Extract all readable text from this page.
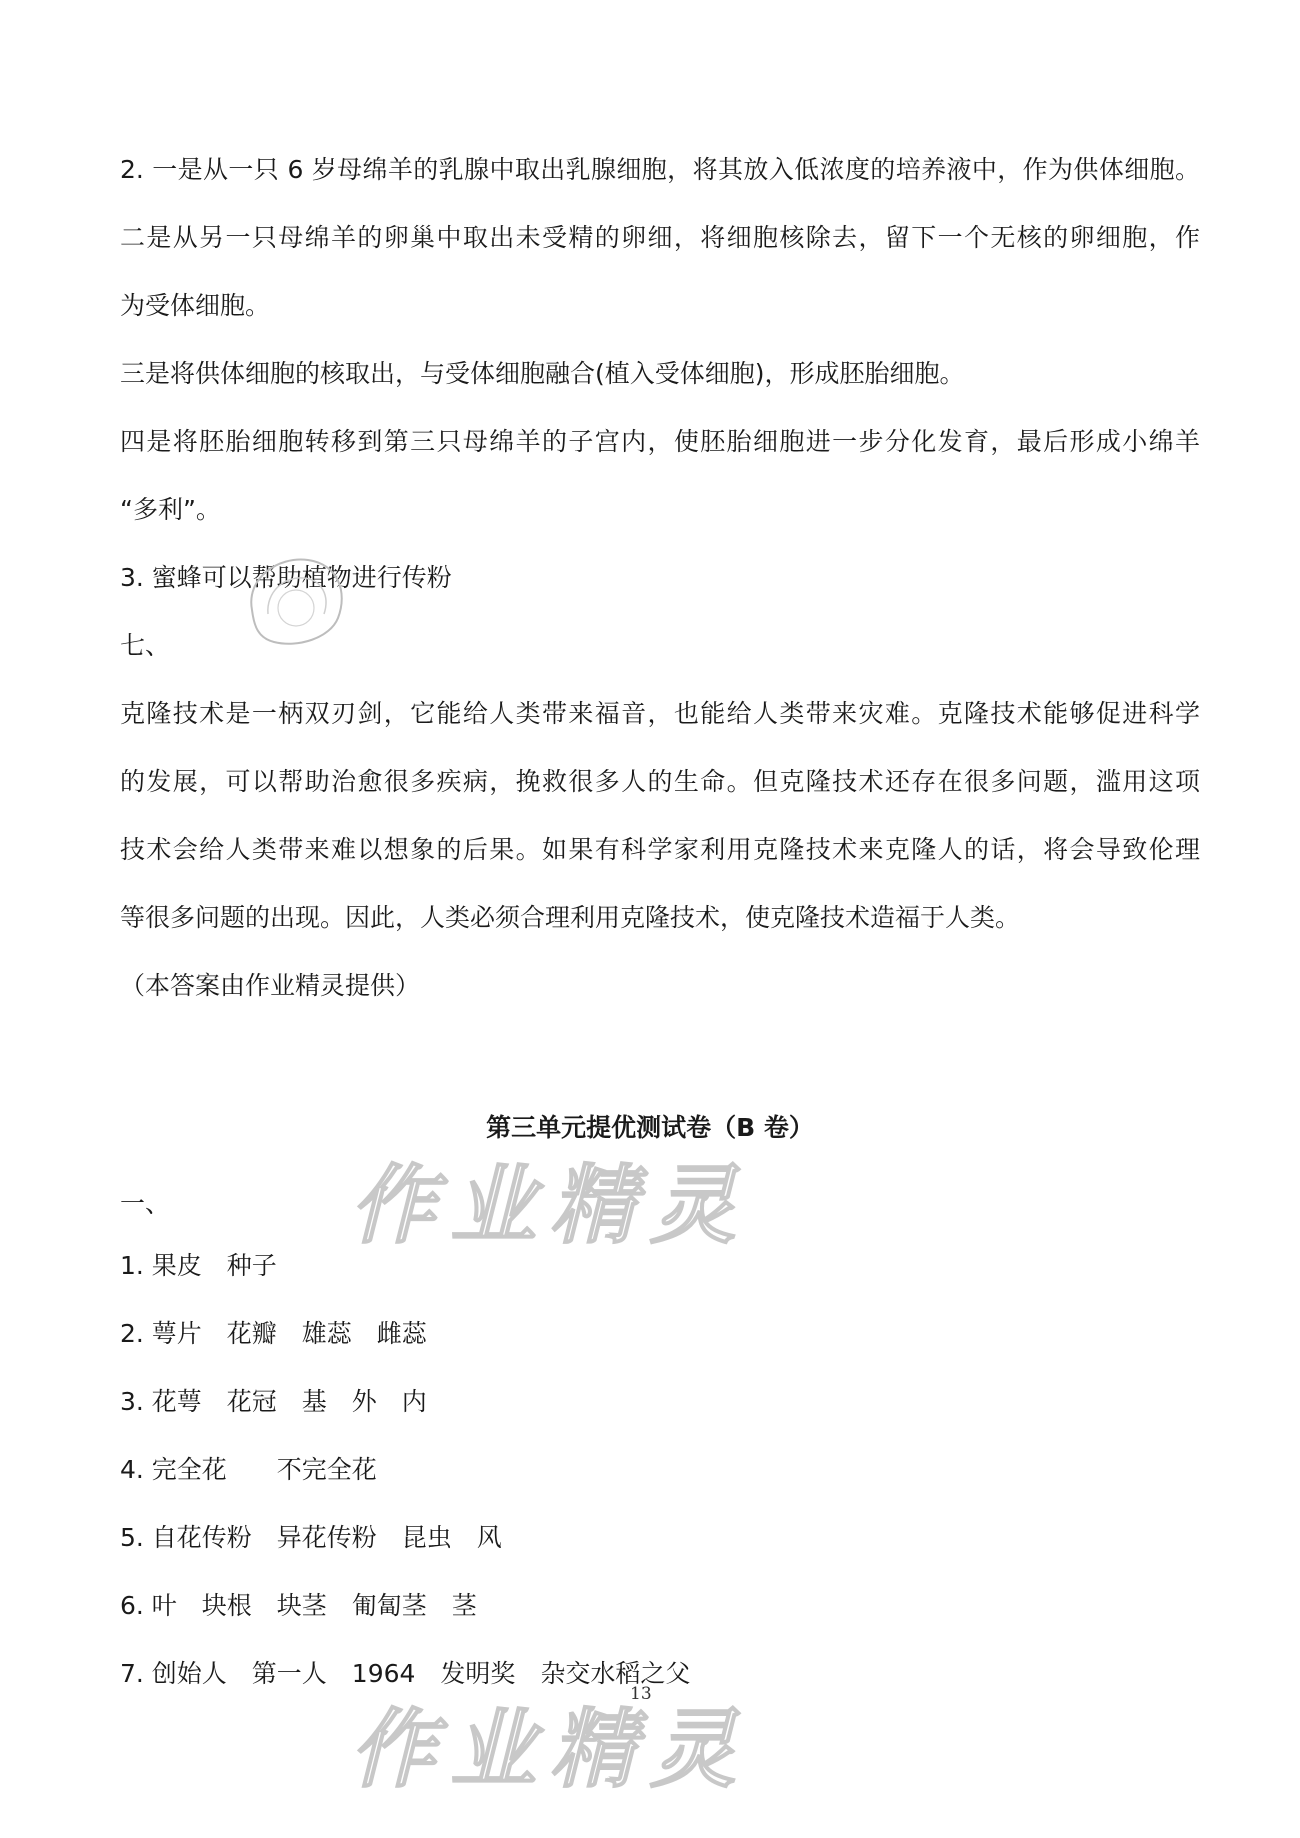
2. 一是从一只 6 岁母绵羊的乳腺中取出乳腺细胞，将其放入低浓度的培养液中，作为供体细胞。
二是从另一只母绵羊的卵巢中取出未受精的卵细，将细胞核除去，留下一个无核的卵细胞，作
为受体细胞。
三是将供体细胞的核取出，与受体细胞融合(植入受体细胞)，形成胚胎细胞。
四是将胚胎细胞转移到第三只母绵羊的子宫内，使胚胎细胞进一步分化发育，最后形成小绵羊
“多利”。
3. 蜜蜂可以帮助植物进行传粉
七、
克隆技术是一柄双刃剑，它能给人类带来福音，也能给人类带来灾难。克隆技术能够促进科学
的发展，可以帮助治愈很多疾病，挽救很多人的生命。但克隆技术还存在很多问题，滥用这项
技术会给人类带来难以想象的后果。如果有科学家利用克隆技术来克隆人的话，将会导致伦理
等很多问题的出现。因此，人类必须合理利用克隆技术，使克隆技术造福于人类。
（本答案由作业精灵提供）
第三单元提优测试卷（B 卷）
一、
1. 果皮　种子
2. 萼片　花瓣　雄蕊　雌蕊
3. 花萼　花冠　基　外　内
4. 完全花　　不完全花
5. 自花传粉　异花传粉　昆虫　风
6. 叶　块根　块茎　匍匐茎　茎
7. 创始人　第一人　1964　发明奖　杂交水稻之父
13
作业精灵
作业精灵
